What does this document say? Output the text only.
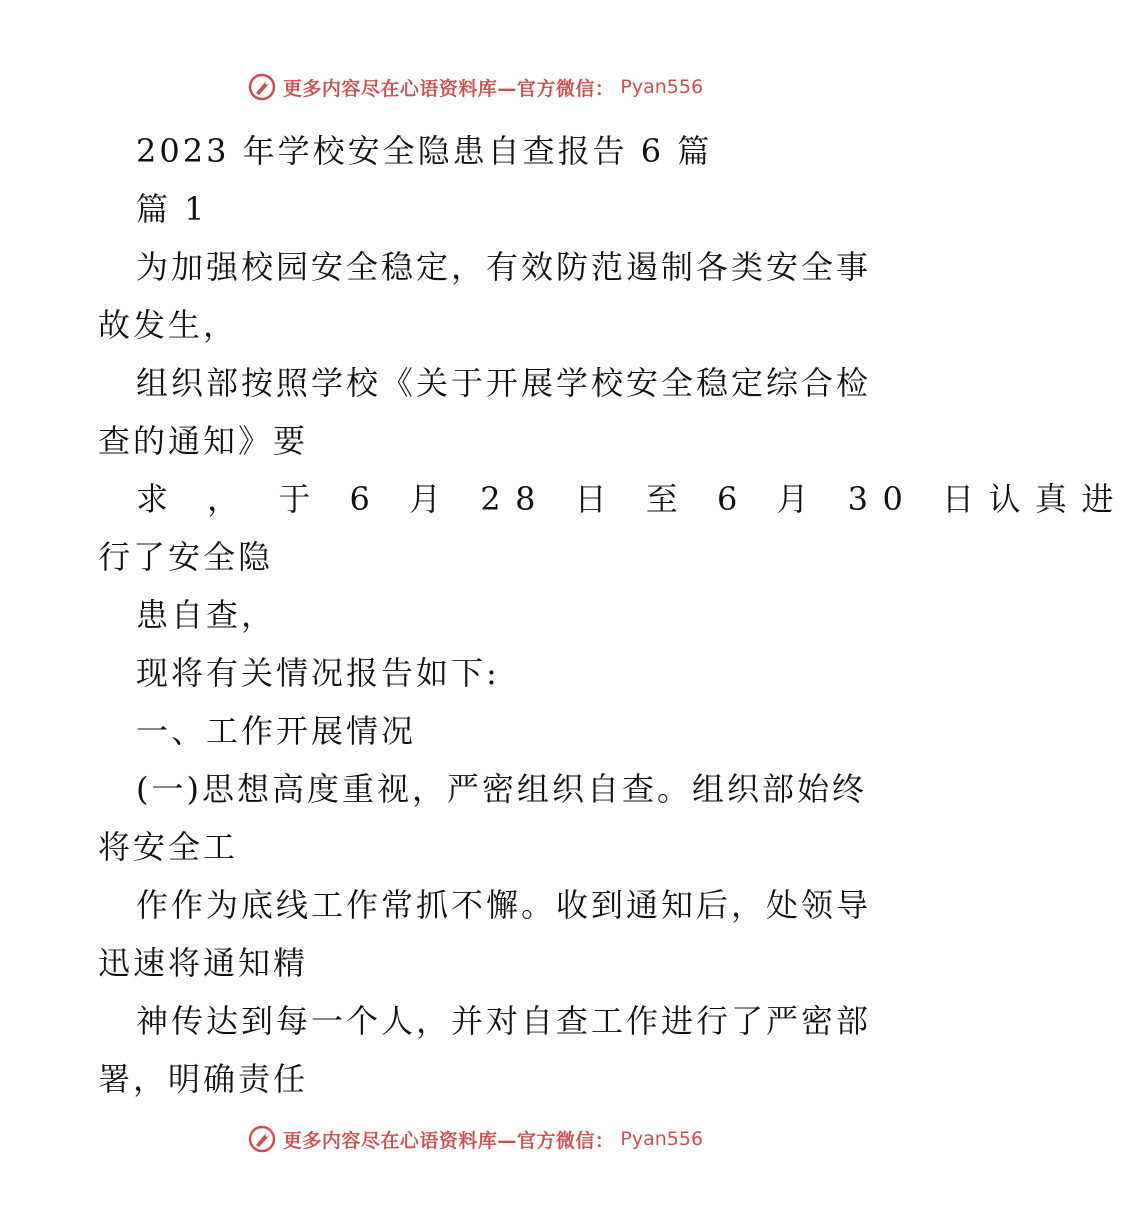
更多内容尽在心语资料库—官方微信： Pyan556
2023 年学校安全隐患自查报告 6 篇
篇 1
为加强校园安全稳定，有效防范遏制各类安全事
故发生，
组织部按照学校《关于开展学校安全稳定综合检
查的通知》要
求 ， 于 6 月 28 日 至 6 月 30 日认真进
行了安全隐
患自查，
现将有关情况报告如下:
一、工作开展情况
(一)思想高度重视，严密组织自查。组织部始终
将安全工
作作为底线工作常抓不懈。收到通知后，处领导
迅速将通知精
神传达到每一个人，并对自查工作进行了严密部
署，明确责任
更多内容尽在心语资料库—官方微信： Pyan556
